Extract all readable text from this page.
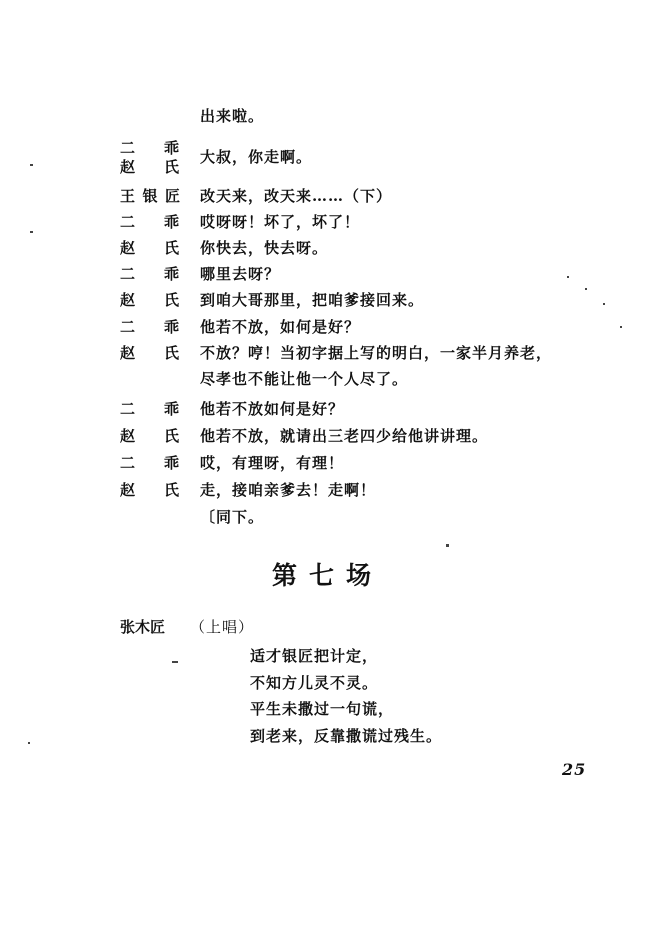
出来啦。
二 乖
赵 氏
大叔，你走啊。
王银匠 改天来，改天来……（下）
二 乖 哎呀呀！坏了，坏了！
赵 氏 你快去，快去呀。
二 乖 哪里去呀？
赵 氏 到咱大哥那里，把咱爹接回来。
二 乖 他若不放，如何是好？
赵 氏 不放？哼！当初字据上写的明白，一家半月养老，
尽孝也不能让他一个人尽了。
二 乖 他若不放如何是好？
赵 氏 他若不放，就请出三老四少给他讲讲理。
二 乖 哎，有理呀，有理！
赵 氏 走，接咱亲爹去！走啊！
〔同下。
第七场
张木匠	（上唱）
适才银匠把计定，
不知方儿灵不灵。
平生未撒过一句谎，
到老来，反靠撒谎过残生。
25
